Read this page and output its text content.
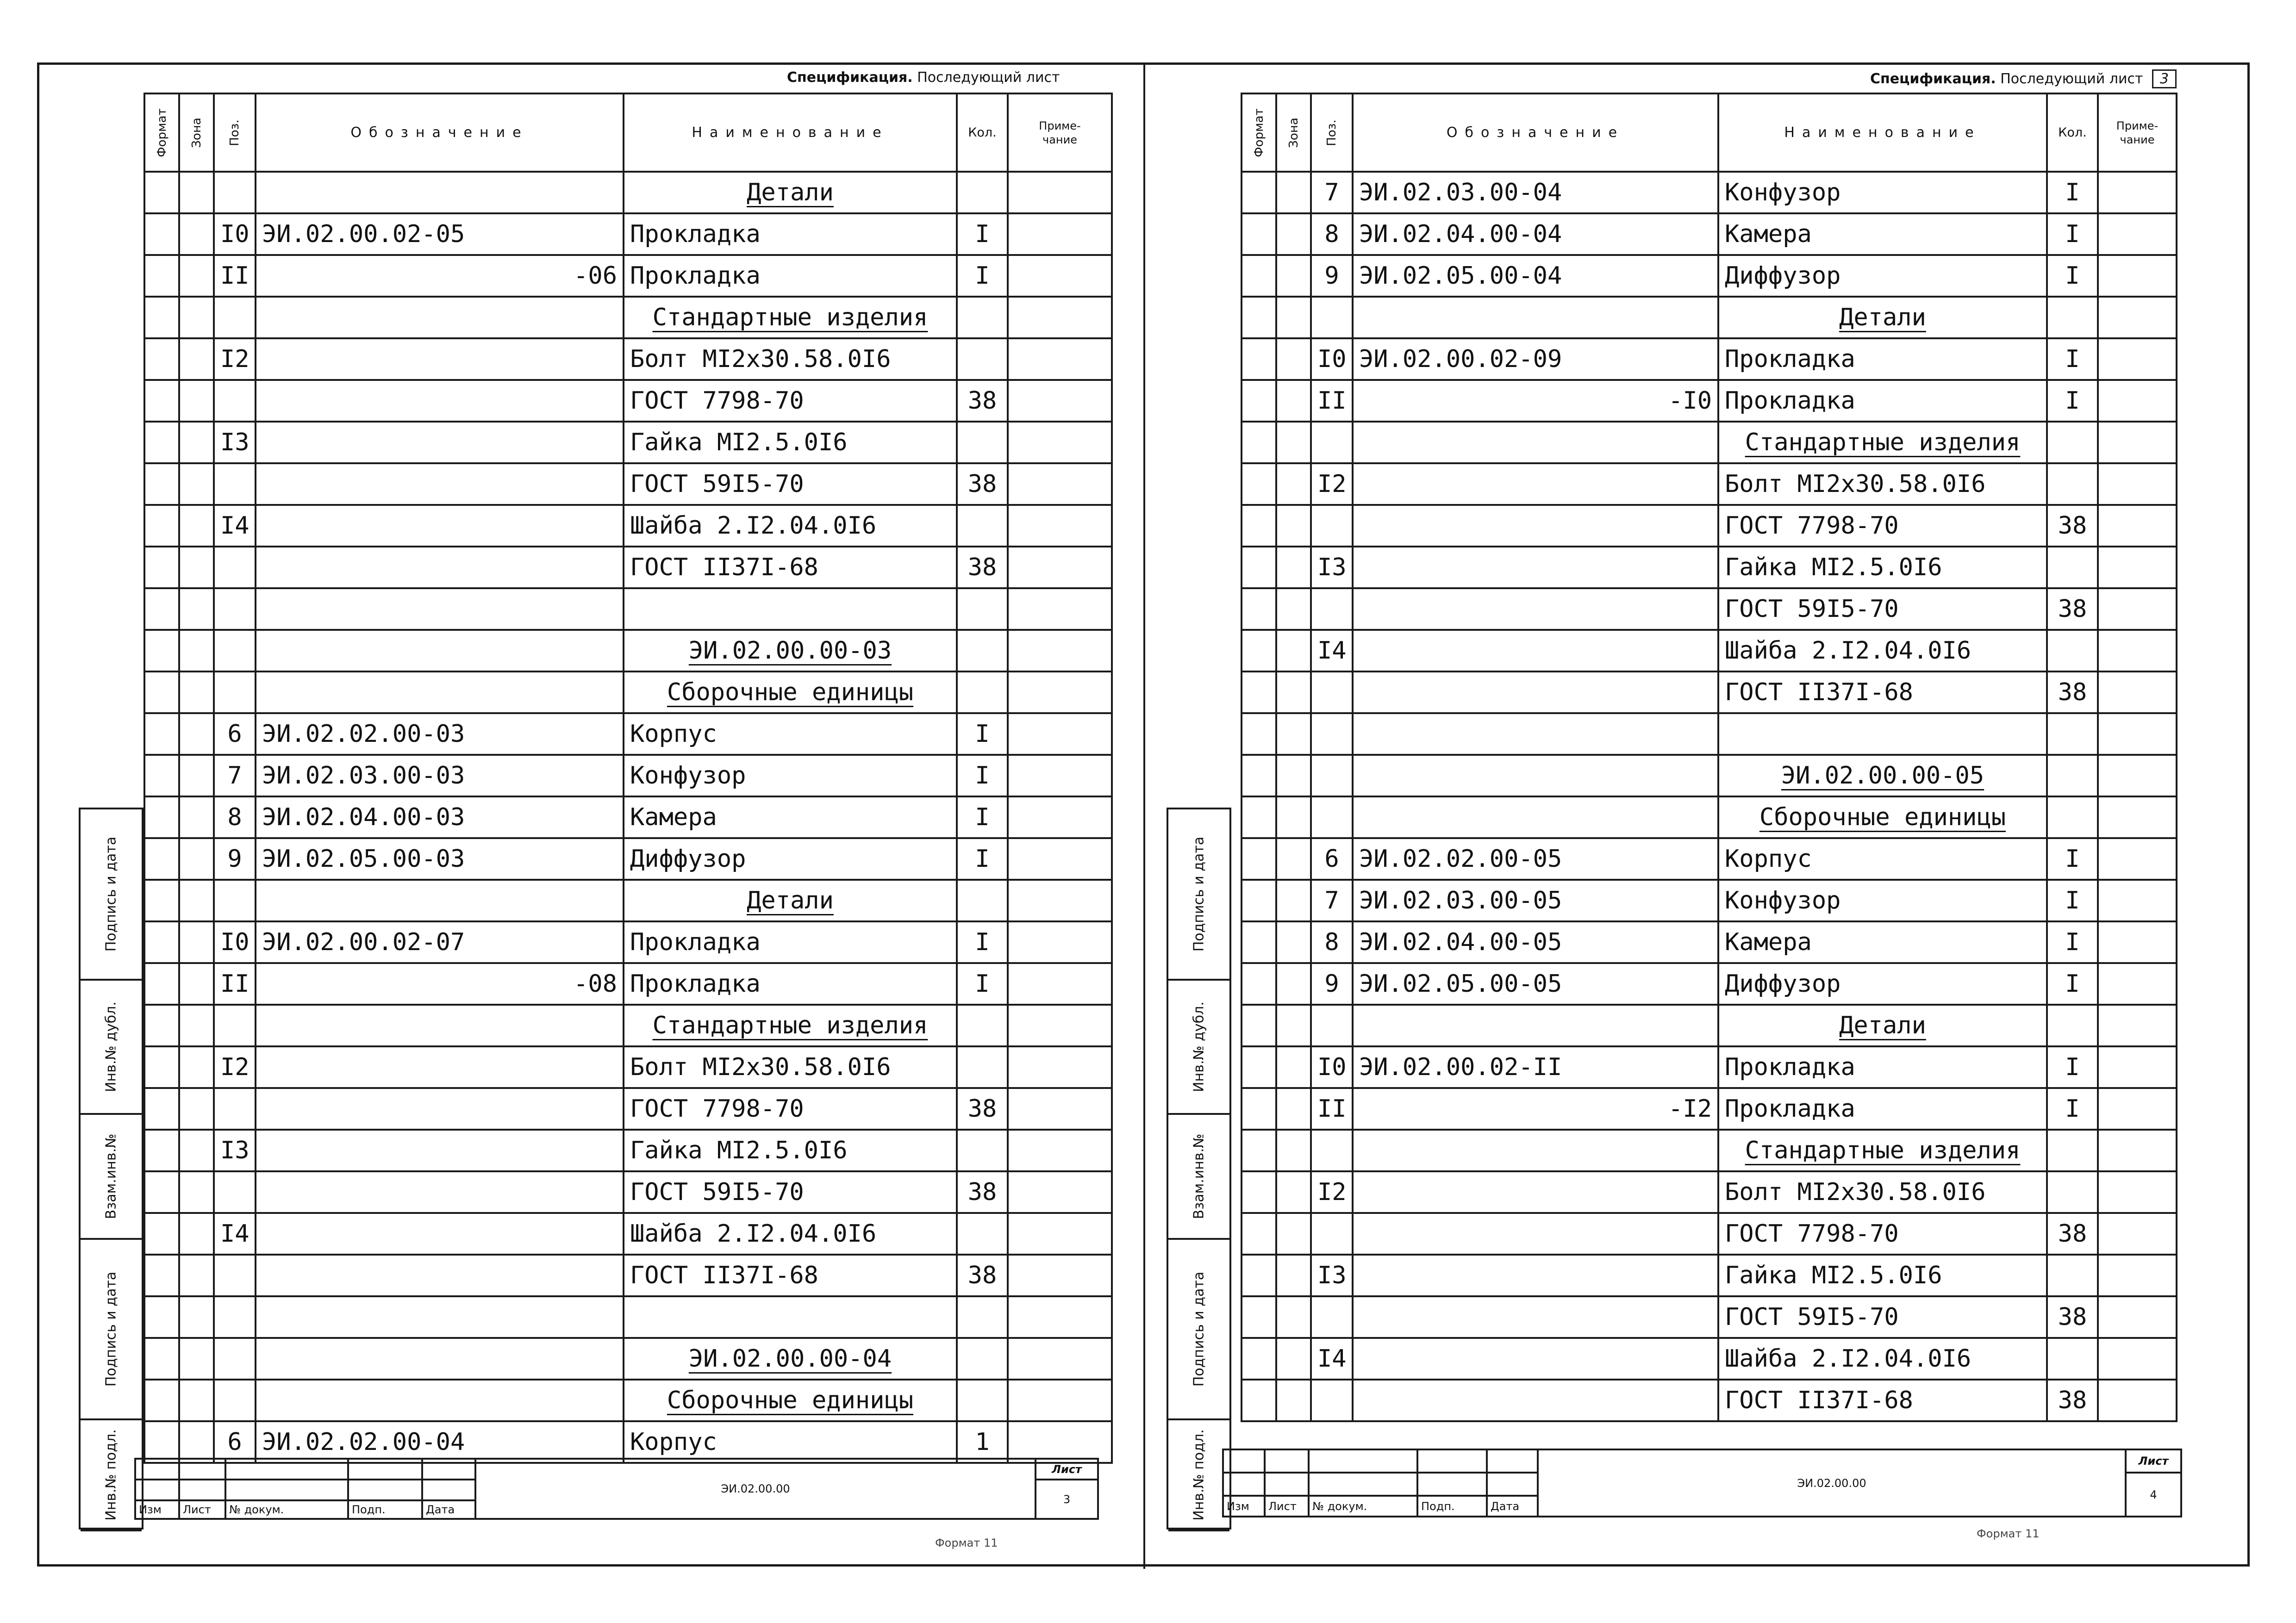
Спецификация. Последующий лист
Формат	Зона	Поз.	Обозначение	Наименование	Кол.	Приме-
чание
				Детали		
		I0	ЭИ.02.00.02-05	Прокладка	I	
		II	-06	Прокладка	I	
				Стандартные изделия		
		I2		Болт МI2х30.58.0I6		
				ГОСТ 7798-70	38	
		I3		Гайка МI2.5.0I6		
				ГОСТ 59I5-70	38	
		I4		Шайба 2.I2.04.0I6		
				ГОСТ II37I-68	38	

				ЭИ.02.00.00-03		
				Сборочные единицы		
		6	ЭИ.02.02.00-03	Корпус	I	
		7	ЭИ.02.03.00-03	Конфузор	I	
		8	ЭИ.02.04.00-03	Камера	I	
		9	ЭИ.02.05.00-03	Диффузор	I	
				Детали		
		I0	ЭИ.02.00.02-07	Прокладка	I	
		II	-08	Прокладка	I	
				Стандартные изделия		
		I2		Болт МI2х30.58.0I6		
				ГОСТ 7798-70	38	
		I3		Гайка МI2.5.0I6		
				ГОСТ 59I5-70	38	
		I4		Шайба 2.I2.04.0I6		
				ГОСТ II37I-68	38	

				ЭИ.02.00.00-04		
				Сборочные единицы		
		6	ЭИ.02.02.00-04	Корпус	1	
Подпись и дата
Инв.№ дубл.
Взам.инв.№
Подпись и дата
Инв.№ подл.
						ЭИ.02.00.00	Лист
						3
Изм	Лист	№ докум.	Подп.	Дата		
Формат 11
Спецификация. Последующий лист 3
Формат	Зона	Поз.	Обозначение	Наименование	Кол.	Приме-
чание
		7	ЭИ.02.03.00-04	Конфузор	I	
		8	ЭИ.02.04.00-04	Камера	I	
		9	ЭИ.02.05.00-04	Диффузор	I	
				Детали		
		I0	ЭИ.02.00.02-09	Прокладка	I	
		II	-I0	Прокладка	I	
				Стандартные изделия		
		I2		Болт МI2х30.58.0I6		
				ГОСТ 7798-70	38	
		I3		Гайка МI2.5.0I6		
				ГОСТ 59I5-70	38	
		I4		Шайба 2.I2.04.0I6		
				ГОСТ II37I-68	38	

				ЭИ.02.00.00-05		
				Сборочные единицы		
		6	ЭИ.02.02.00-05	Корпус	I	
		7	ЭИ.02.03.00-05	Конфузор	I	
		8	ЭИ.02.04.00-05	Камера	I	
		9	ЭИ.02.05.00-05	Диффузор	I	
				Детали		
		I0	ЭИ.02.00.02-II	Прокладка	I	
		II	-I2	Прокладка	I	
				Стандартные изделия		
		I2		Болт МI2х30.58.0I6		
				ГОСТ 7798-70	38	
		I3		Гайка МI2.5.0I6		
				ГОСТ 59I5-70	38	
		I4		Шайба 2.I2.04.0I6		
				ГОСТ II37I-68	38	
Подпись и дата
Инв.№ дубл.
Взам.инв.№
Подпись и дата
Инв.№ подл.
						ЭИ.02.00.00	Лист
						4
Изм	Лист	№ докум.	Подп.	Дата		
Формат 11
